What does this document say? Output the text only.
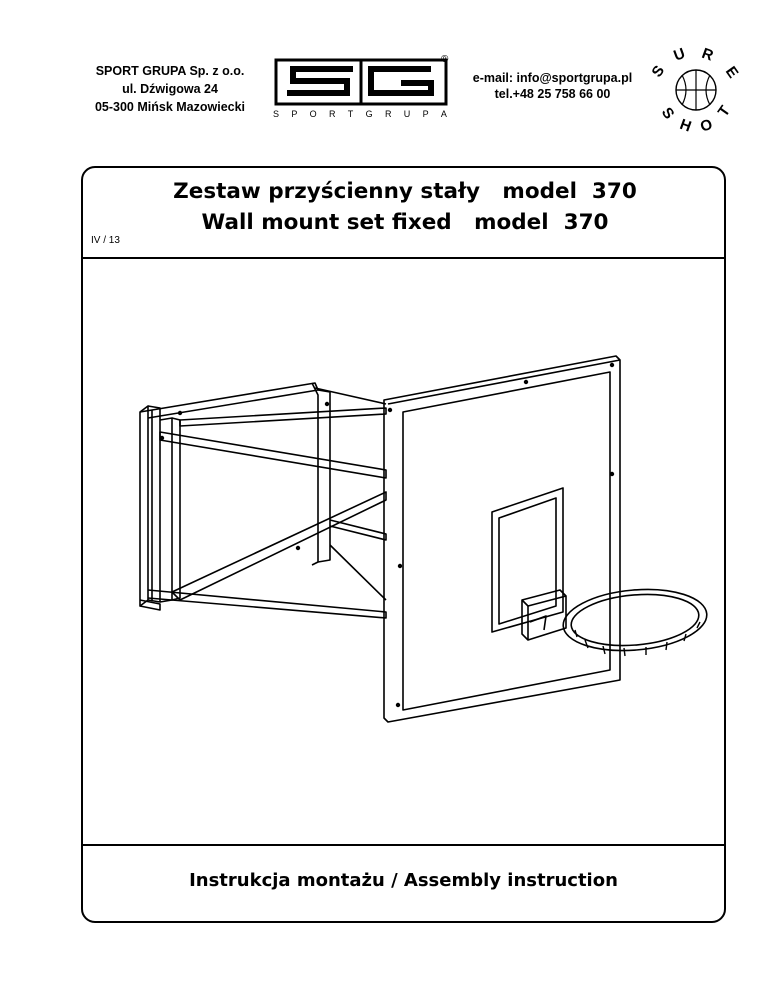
SPORT GRUPA Sp. z o.o.
ul. Dźwigowa 24
05-300 Mińsk Mazowiecki
®
S P O R T G R U P A
e-mail: info@sportgrupa.pl
tel.+48 25 758 66 00
S
U R
E
S
H O
T
Zestaw przyścienny stały   model  370
Wall mount set fixed   model  370
IV / 13
Instrukcja montażu / Assembly instruction
